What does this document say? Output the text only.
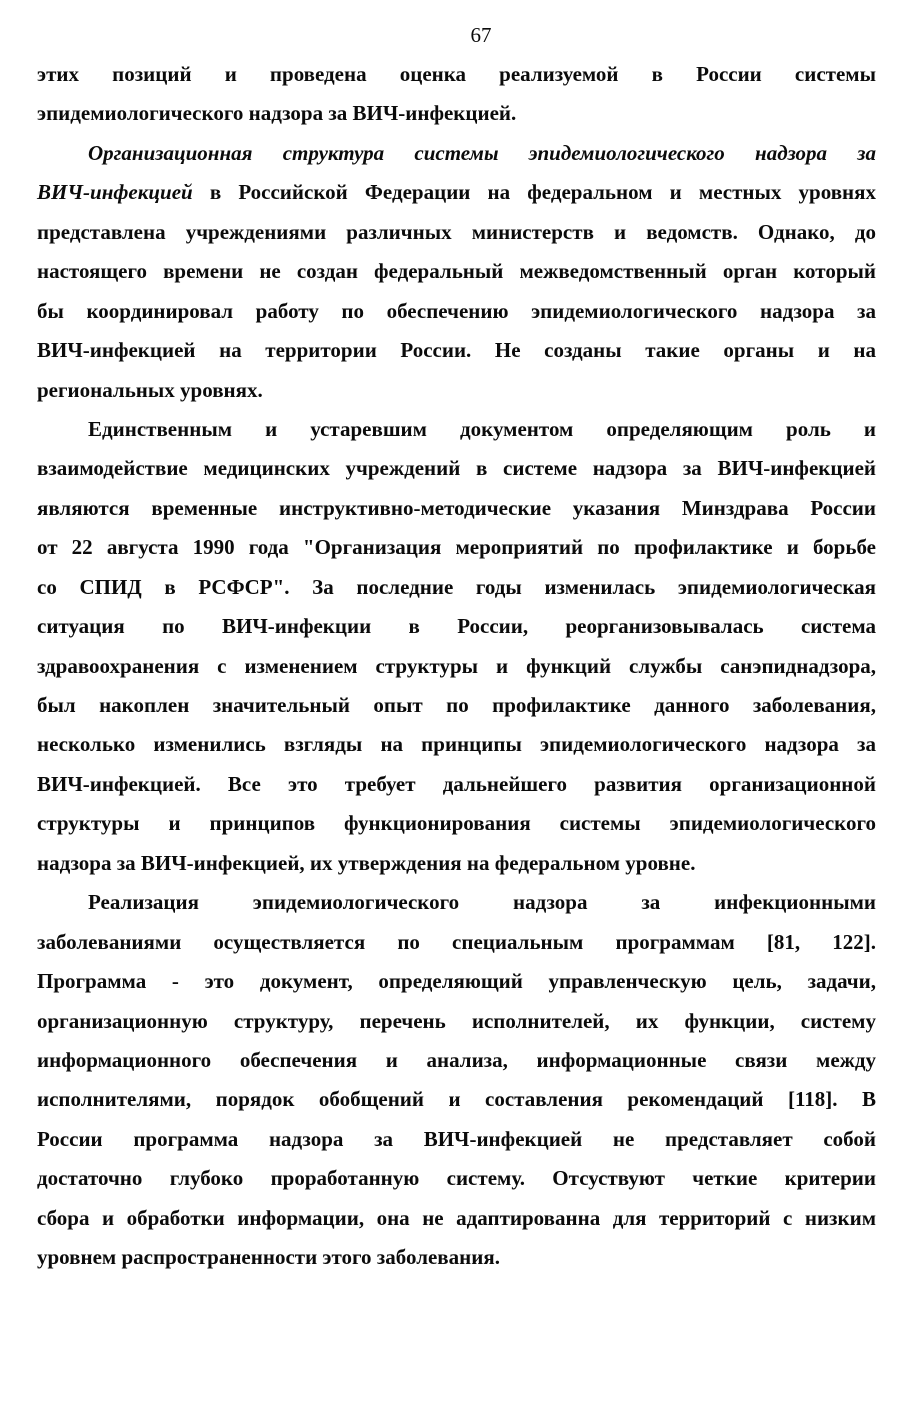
67
этих позиций и проведена оценка реализуемой в России системы
эпидемиологического надзора за ВИЧ-инфекцией.
Организационная структура системы эпидемиологического надзора за
ВИЧ-инфекцией в Российской Федерации на федеральном и местных уровнях
представлена учреждениями различных министерств и ведомств. Однако, до
настоящего времени не создан федеральный межведомственный орган который
бы координировал работу по обеспечению эпидемиологического надзора за
ВИЧ-инфекцией на территории России. Не созданы такие органы и на
региональных уровнях.
Единственным и устаревшим документом определяющим роль и
взаимодействие медицинских учреждений в системе надзора за ВИЧ-инфекцией
являются временные инструктивно-методические указания Минздрава России
от 22 августа 1990 года "Организация мероприятий по профилактике и борьбе
со СПИД в РСФСР". За последние годы изменилась эпидемиологическая
ситуация по ВИЧ-инфекции в России, реорганизовывалась система
здравоохранения с изменением структуры и функций службы санэпиднадзора,
был накоплен значительный опыт по профилактике данного заболевания,
несколько изменились взгляды на принципы эпидемиологического надзора за
ВИЧ-инфекцией. Все это требует дальнейшего развития организационной
структуры и принципов функционирования системы эпидемиологического
надзора за ВИЧ-инфекцией, их утверждения на федеральном уровне.
Реализация эпидемиологического надзора за инфекционными
заболеваниями осуществляется по специальным программам [81, 122].
Программа - это документ, определяющий управленческую цель, задачи,
организационную структуру, перечень исполнителей, их функции, систему
информационного обеспечения и анализа, информационные связи между
исполнителями, порядок обобщений и составления рекомендаций [118]. В
России программа надзора за ВИЧ-инфекцией не представляет собой
достаточно глубоко проработанную систему. Отсуствуют четкие критерии
сбора и обработки информации, она не адаптированна для территорий с низким
уровнем распространенности этого заболевания.
